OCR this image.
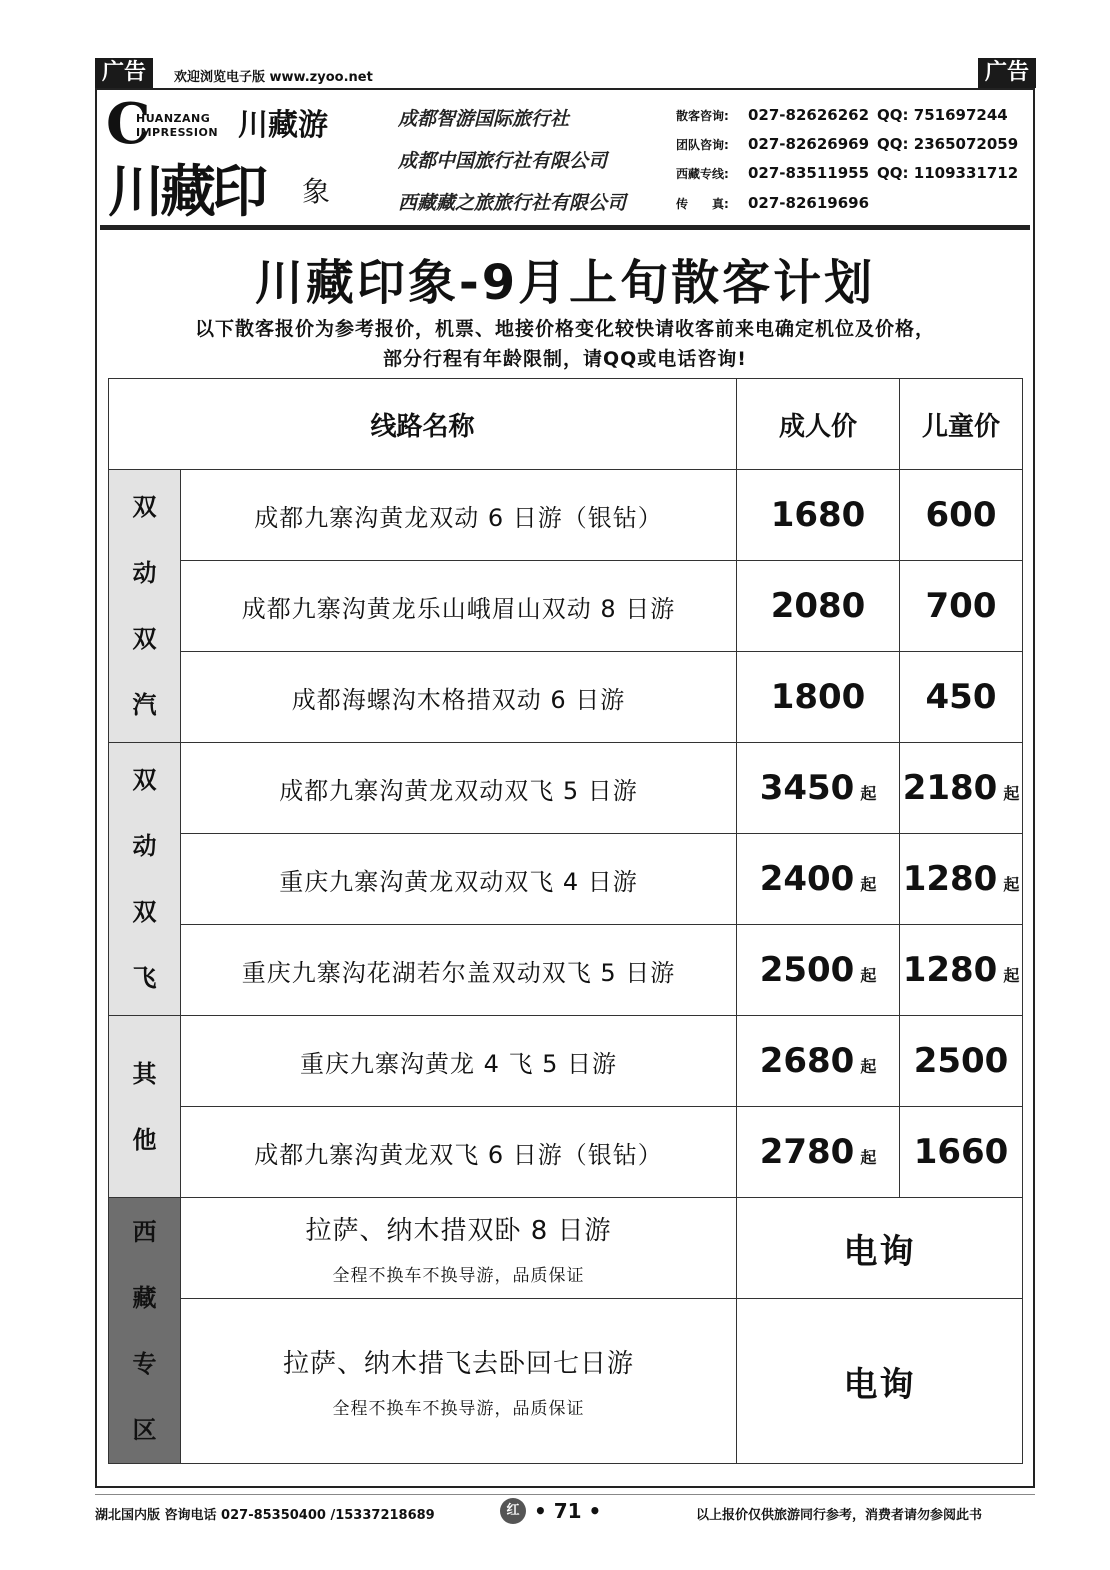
广告	欢迎浏览电子版 www.zyoo.net	广告
C
HUANZANG
IMPRESSION 川藏游
川藏印 象
成都智游国际旅行社
成都中国旅行社有限公司
西藏藏之旅旅行社有限公司
散客咨询: 027-82626262 QQ: 751697244
团队咨询: 027-82626969 QQ: 2365072059
西藏专线: 027-83511955 QQ: 1109331712
传　　真: 027-82619696
川藏印象-9月上旬散客计划
以下散客报价为参考报价，机票、地接价格变化较快请收客前来电确定机位及价格，
部分行程有年龄限制，请QQ或电话咨询!
线路名称		成人价	儿童价

双
动
双
汽	成都九寨沟黄龙双动 6 日游（银钻）	1680	600
	成都九寨沟黄龙乐山峨眉山双动 8 日游	2080	700
	成都海螺沟木格措双动 6 日游	1800	450

双
动
双
飞	成都九寨沟黄龙双动双飞 5 日游	3450 起	2180 起
	重庆九寨沟黄龙双动双飞 4 日游	2400 起	1280 起
	重庆九寨沟花湖若尔盖双动双飞 5 日游	2500 起	1280 起

其
他	重庆九寨沟黄龙 4 飞 5 日游	2680 起	2500
	成都九寨沟黄龙双飞 6 日游（银钻）	2780 起	1660

西
藏
专
区	拉萨、纳木措双卧 8 日游
全程不换车不换导游，品质保证	电询	

	拉萨、纳木措飞去卧回七日游
全程不换车不换导游，品质保证	电询	
湖北国内版 咨询电话 027-85350400 /15337218689	红 • 71 •	以上报价仅供旅游同行参考，消费者请勿参阅此书
